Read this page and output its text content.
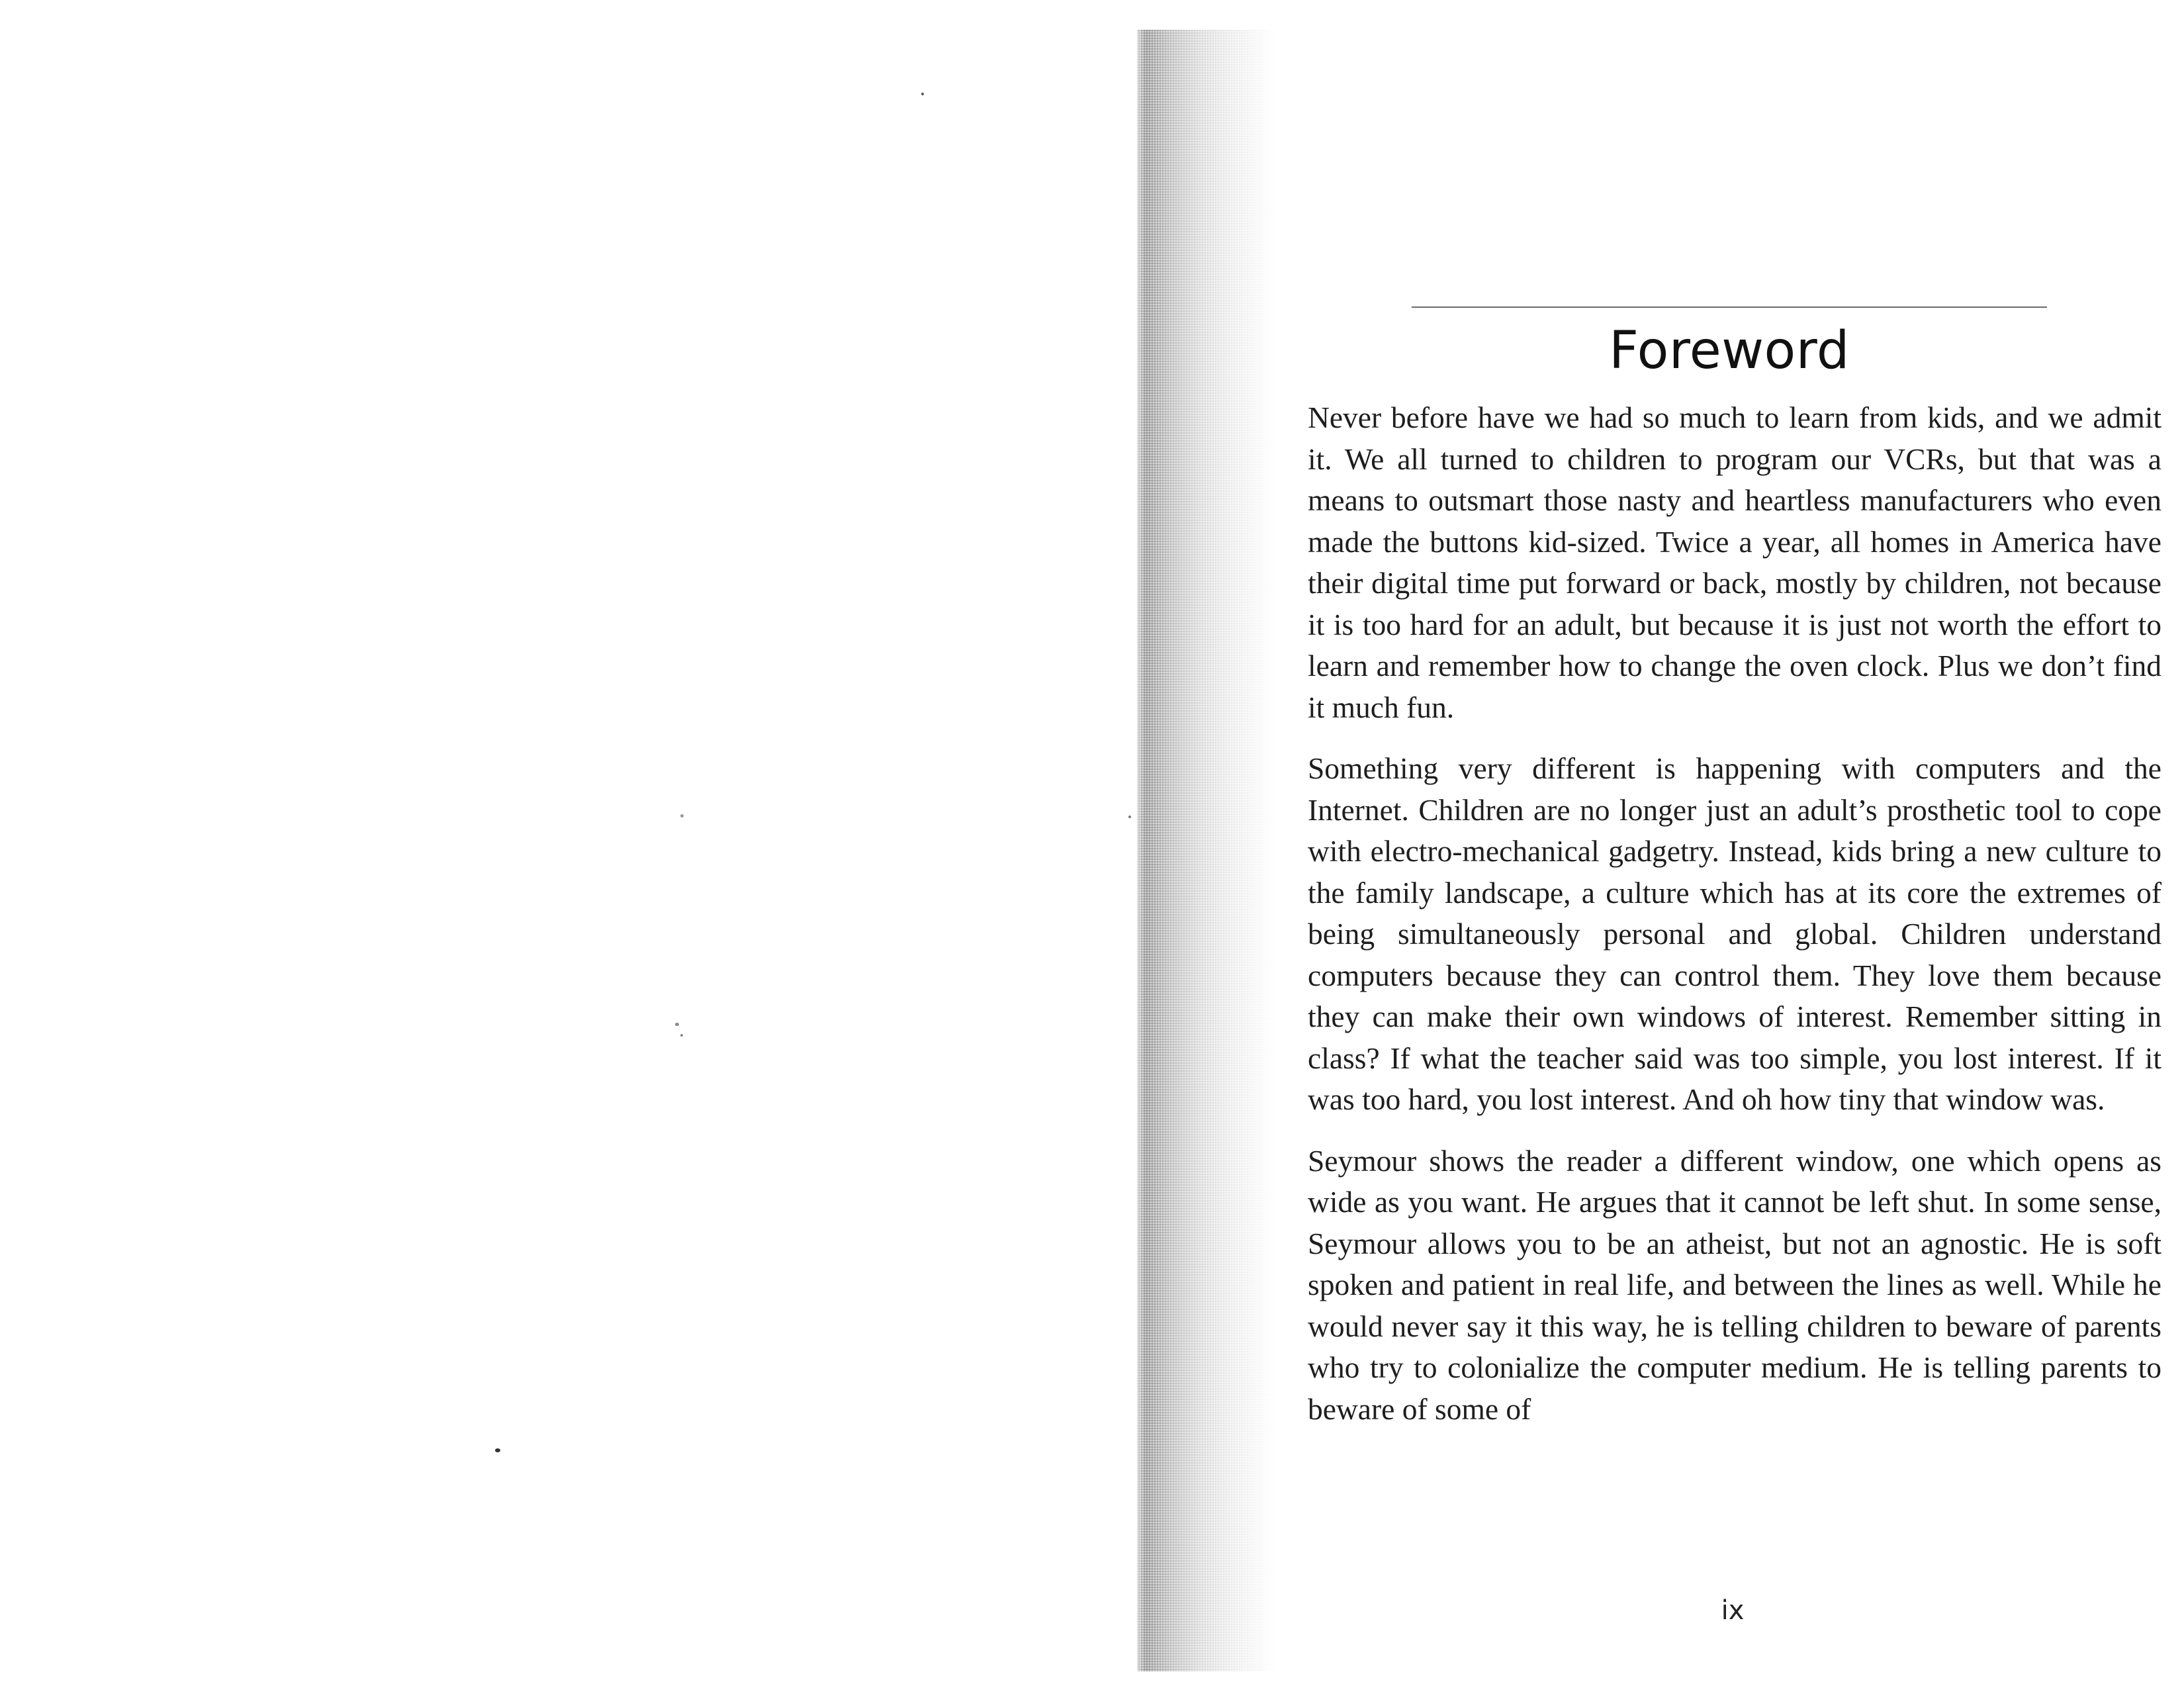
Foreword

Never before have we had so much to learn from kids, and we admit it. We all turned to children to program our VCRs, but that was a means to outsmart those nasty and heartless manufacturers who even made the buttons kid-sized. Twice a year, all homes in America have their digital time put forward or back, mostly by children, not because it is too hard for an adult, but because it is just not worth the effort to learn and remember how to change the oven clock. Plus we don’t find it much fun.

Something very different is happening with computers and the Internet. Children are no longer just an adult’s prosthetic tool to cope with electro-mechanical gadgetry. Instead, kids bring a new culture to the family landscape, a culture which has at its core the extremes of being simultaneously personal and global. Children understand computers because they can control them. They love them because they can make their own windows of interest. Remember sitting in class? If what the teacher said was too simple, you lost interest. If it was too hard, you lost interest. And oh how tiny that window was.

Seymour shows the reader a different window, one which opens as wide as you want. He argues that it cannot be left shut. In some sense, Seymour allows you to be an atheist, but not an agnostic. He is soft spoken and patient in real life, and between the lines as well. While he would never say it this way, he is telling children to beware of parents who try to colonialize the computer medium. He is telling parents to beware of some of

ix
